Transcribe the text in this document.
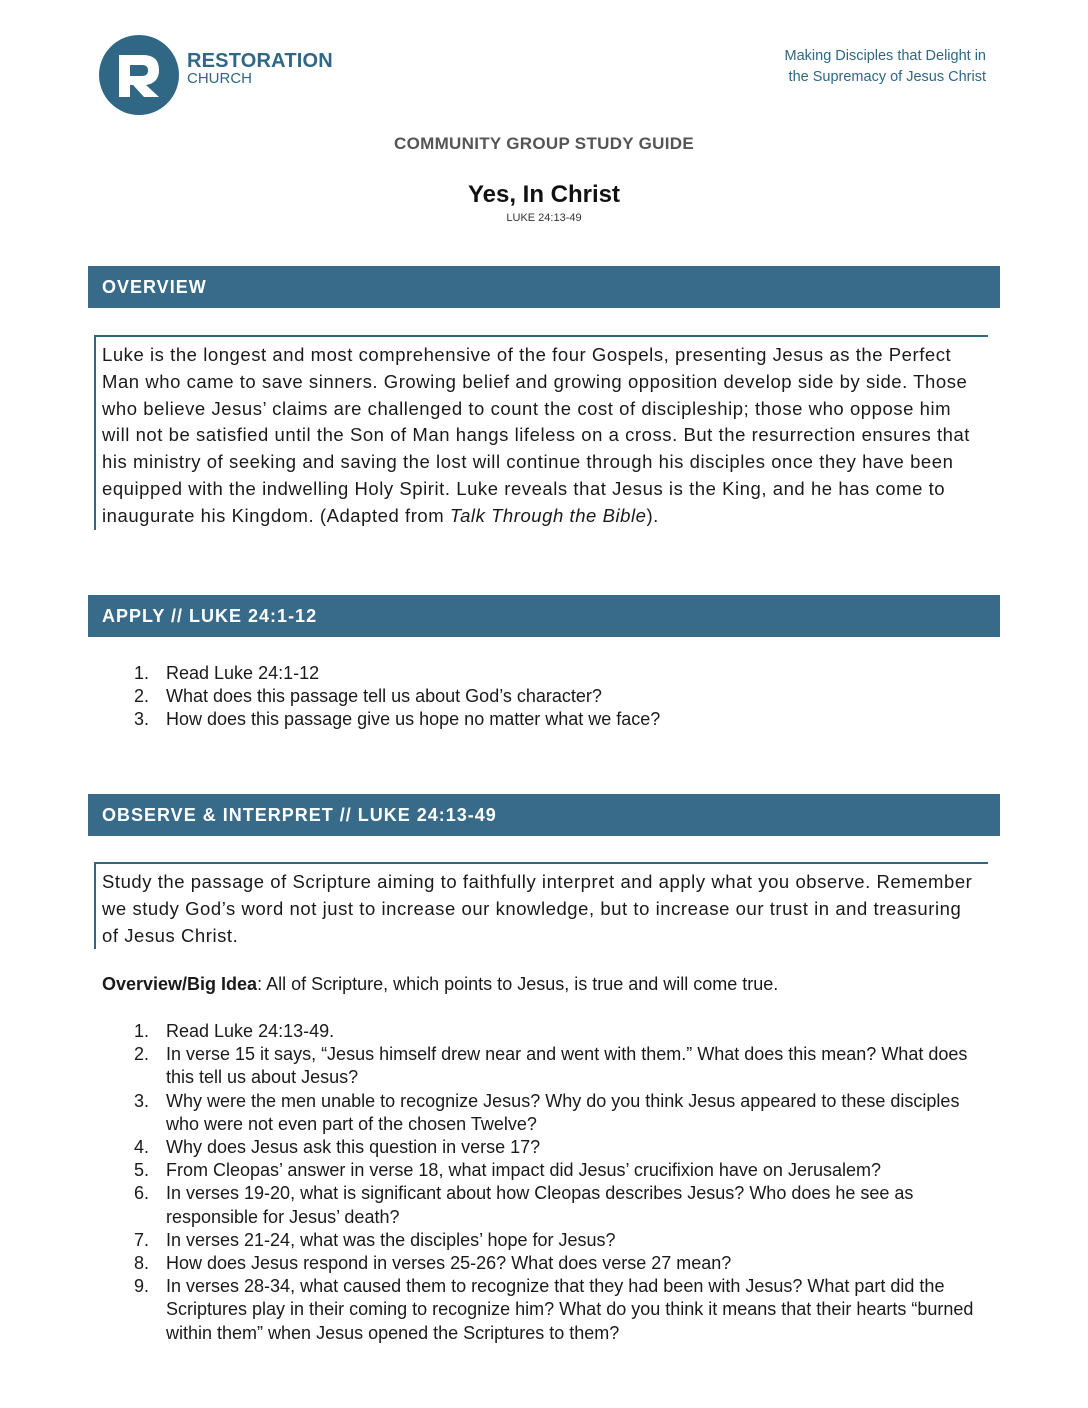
RESTORATION
CHURCH
Making Disciples that Delight in
the Supremacy of Jesus Christ
COMMUNITY GROUP STUDY GUIDE
Yes, In Christ
LUKE 24:13-49
OVERVIEW
Luke is the longest and most comprehensive of the four Gospels, presenting Jesus as the Perfect Man who came to save sinners. Growing belief and growing opposition develop side by side. Those who believe Jesus’ claims are challenged to count the cost of discipleship; those who oppose him will not be satisfied until the Son of Man hangs lifeless on a cross. But the resurrection ensures that his ministry of seeking and saving the lost will continue through his disciples once they have been equipped with the indwelling Holy Spirit. Luke reveals that Jesus is the King, and he has come to inaugurate his Kingdom. (Adapted from Talk Through the Bible).
APPLY // LUKE 24:1-12
1. Read Luke 24:1-12
2. What does this passage tell us about God’s character?
3. How does this passage give us hope no matter what we face?
OBSERVE & INTERPRET // LUKE 24:13-49
Study the passage of Scripture aiming to faithfully interpret and apply what you observe. Remember we study God’s word not just to increase our knowledge, but to increase our trust in and treasuring of Jesus Christ.
Overview/Big Idea: All of Scripture, which points to Jesus, is true and will come true.
1. Read Luke 24:13-49.
2. In verse 15 it says, “Jesus himself drew near and went with them.” What does this mean? What does this tell us about Jesus?
3. Why were the men unable to recognize Jesus? Why do you think Jesus appeared to these disciples who were not even part of the chosen Twelve?
4. Why does Jesus ask this question in verse 17?
5. From Cleopas’ answer in verse 18, what impact did Jesus’ crucifixion have on Jerusalem?
6. In verses 19-20, what is significant about how Cleopas describes Jesus? Who does he see as responsible for Jesus’ death?
7. In verses 21-24, what was the disciples’ hope for Jesus?
8. How does Jesus respond in verses 25-26? What does verse 27 mean?
9. In verses 28-34, what caused them to recognize that they had been with Jesus? What part did the Scriptures play in their coming to recognize him? What do you think it means that their hearts “burned within them” when Jesus opened the Scriptures to them?
